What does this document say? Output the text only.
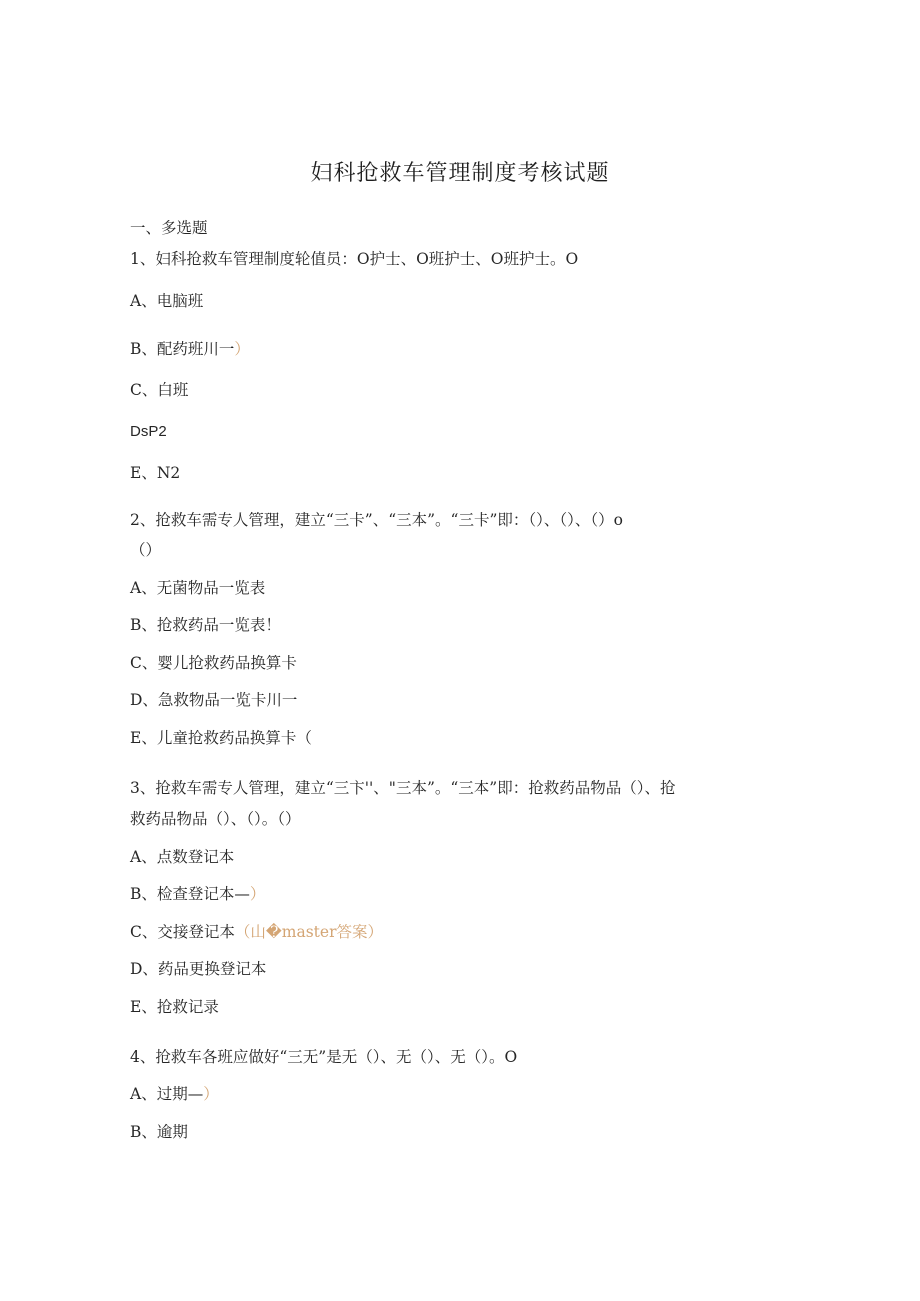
妇科抢救车管理制度考核试题
一、多选题
1、妇科抢救车管理制度轮值员：O护士、O班护士、O班护士。O
A、电脑班
B、配药班川一）
C、白班
DsP2
E、N2
2、抢救车需专人管理，建立“三卡”、“三本”。“三卡”即：（）、（）、（）o
（）
A、无菌物品一览表
B、抢救药品一览表！
C、婴儿抢救药品换算卡
D、急救物品一览卡川一
E、儿童抢救药品换算卡（
3、抢救车需专人管理，建立“三卞''、"三本”。“三本”即：抢救药品物品（）、抢
救药品物品（）、（）。（）
A、点数登记本
B、检查登记本—）
C、交接登记本（山�master答案）
D、药品更换登记本
E、抢救记录
4、抢救车各班应做好“三无”是无（）、无（）、无（）。O
A、过期—）
B、逾期
